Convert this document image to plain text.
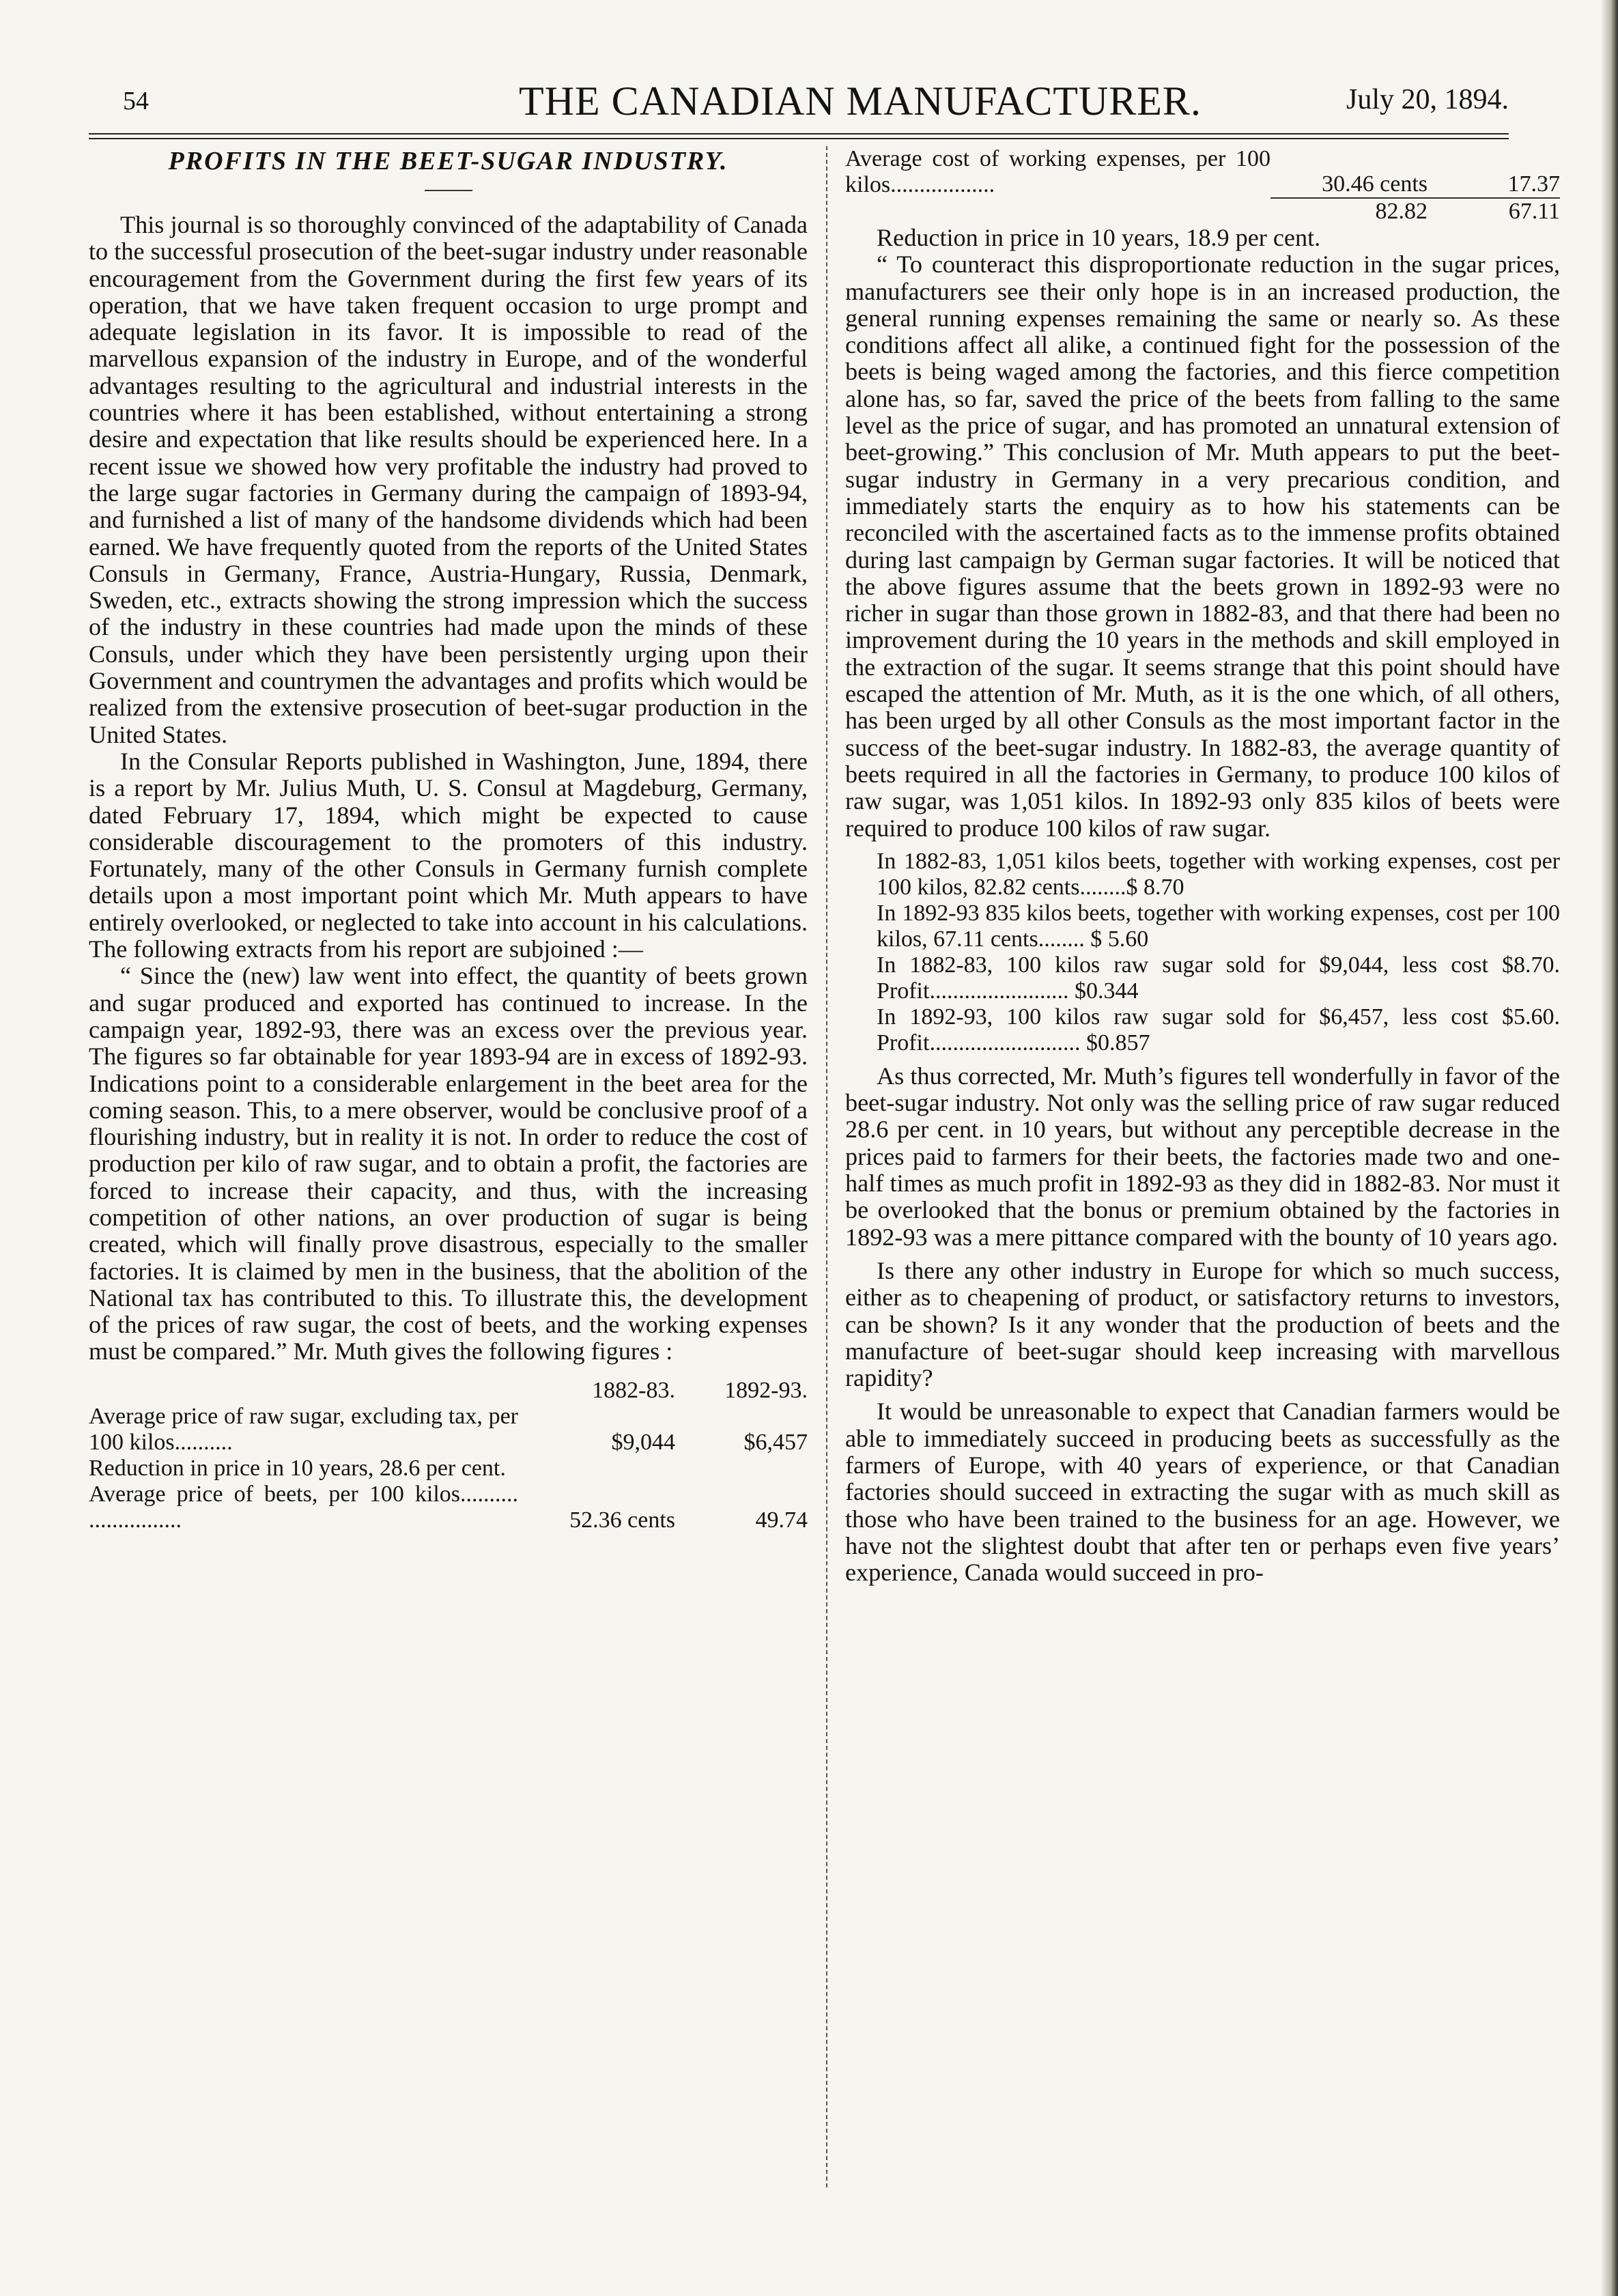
54	THE CANADIAN MANUFACTURER.	July 20, 1894.
PROFITS IN THE BEET-SUGAR INDUSTRY.

This journal is so thoroughly convinced of the adaptability of Canada to the successful prosecution of the beet-sugar industry under reasonable encouragement from the Government during the first few years of its operation, that we have taken frequent occasion to urge prompt and adequate legislation in its favor. It is impossible to read of the marvellous expansion of the industry in Europe, and of the wonderful advantages resulting to the agricultural and industrial interests in the countries where it has been established, without entertaining a strong desire and expectation that like results should be experienced here. In a recent issue we showed how very profitable the industry had proved to the large sugar factories in Germany during the campaign of 1893-94, and furnished a list of many of the handsome dividends which had been earned. We have frequently quoted from the reports of the United States Consuls in Germany, France, Austria-Hungary, Russia, Denmark, Sweden, etc., extracts showing the strong impression which the success of the industry in these countries had made upon the minds of these Consuls, under which they have been persistently urging upon their Government and countrymen the advantages and profits which would be realized from the extensive prosecution of beet-sugar production in the United States.

In the Consular Reports published in Washington, June, 1894, there is a report by Mr. Julius Muth, U. S. Consul at Magdeburg, Germany, dated February 17, 1894, which might be expected to cause considerable discouragement to the promoters of this industry. Fortunately, many of the other Consuls in Germany furnish complete details upon a most important point which Mr. Muth appears to have entirely overlooked, or neglected to take into account in his calculations. The following extracts from his report are subjoined :—

“ Since the (new) law went into effect, the quantity of beets grown and sugar produced and exported has continued to increase. In the campaign year, 1892-93, there was an excess over the previous year. The figures so far obtainable for year 1893-94 are in excess of 1892-93. Indications point to a considerable enlargement in the beet area for the coming season. This, to a mere observer, would be conclusive proof of a flourishing industry, but in reality it is not. In order to reduce the cost of production per kilo of raw sugar, and to obtain a profit, the factories are forced to increase their capacity, and thus, with the increasing competition of other nations, an over production of sugar is being created, which will finally prove disastrous, especially to the smaller factories. It is claimed by men in the business, that the abolition of the National tax has contributed to this. To illustrate this, the development of the prices of raw sugar, the cost of beets, and the working expenses must be compared.” Mr. Muth gives the following figures :

	1882-83.	1892-93.
Average price of raw sugar, excluding tax, per 100 kilos..........	$9,044	$6,457
Reduction in price in 10 years, 28.6 per cent.		
Average price of beets, per 100 kilos.......... ................	52.36 cents	49.74
Average cost of working expenses, per 100 kilos..................	30.46 cents	17.37
	82.82	67.11

Reduction in price in 10 years, 18.9 per cent.

“ To counteract this disproportionate reduction in the sugar prices, manufacturers see their only hope is in an increased production, the general running expenses remaining the same or nearly so. As these conditions affect all alike, a continued fight for the possession of the beets is being waged among the factories, and this fierce competition alone has, so far, saved the price of the beets from falling to the same level as the price of sugar, and has promoted an unnatural extension of beet-growing.” This conclusion of Mr. Muth appears to put the beet-sugar industry in Germany in a very precarious condition, and immediately starts the enquiry as to how his statements can be reconciled with the ascertained facts as to the immense profits obtained during last campaign by German sugar factories. It will be noticed that the above figures assume that the beets grown in 1892-93 were no richer in sugar than those grown in 1882-83, and that there had been no improvement during the 10 years in the methods and skill employed in the extraction of the sugar. It seems strange that this point should have escaped the attention of Mr. Muth, as it is the one which, of all others, has been urged by all other Consuls as the most important factor in the success of the beet-sugar industry. In 1882-83, the average quantity of beets required in all the factories in Germany, to produce 100 kilos of raw sugar, was 1,051 kilos. In 1892-93 only 835 kilos of beets were required to produce 100 kilos of raw sugar.

In 1882-83, 1,051 kilos beets, together with working expenses, cost per 100 kilos, 82.82 cents........$ 8.70

In 1892-93 835 kilos beets, together with working expenses, cost per 100 kilos, 67.11 cents........ $ 5.60

In 1882-83, 100 kilos raw sugar sold for $9,044, less cost $8.70. Profit........................ $0.344

In 1892-93, 100 kilos raw sugar sold for $6,457, less cost $5.60. Profit.......................... $0.857

As thus corrected, Mr. Muth’s figures tell wonderfully in favor of the beet-sugar industry. Not only was the selling price of raw sugar reduced 28.6 per cent. in 10 years, but without any perceptible decrease in the prices paid to farmers for their beets, the factories made two and one-half times as much profit in 1892-93 as they did in 1882-83. Nor must it be overlooked that the bonus or premium obtained by the factories in 1892-93 was a mere pittance compared with the bounty of 10 years ago.

Is there any other industry in Europe for which so much success, either as to cheapening of product, or satisfactory returns to investors, can be shown? Is it any wonder that the production of beets and the manufacture of beet-sugar should keep increasing with marvellous rapidity?

It would be unreasonable to expect that Canadian farmers would be able to immediately succeed in producing beets as successfully as the farmers of Europe, with 40 years of experience, or that Canadian factories should succeed in extracting the sugar with as much skill as those who have been trained to the business for an age. However, we have not the slightest doubt that after ten or perhaps even five years’ experience, Canada would succeed in pro-
